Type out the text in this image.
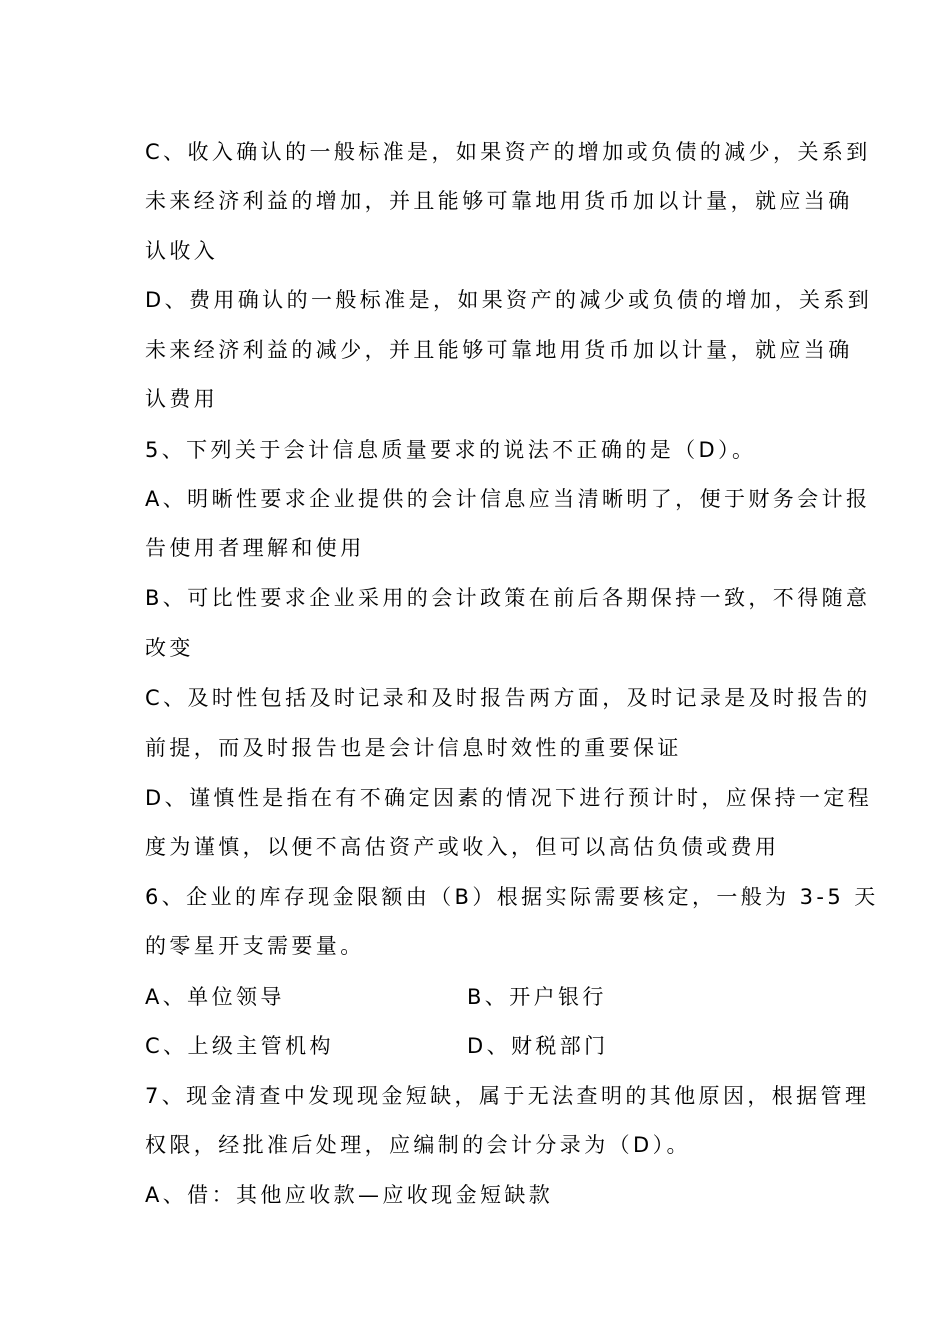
C、收入确认的一般标准是，如果资产的增加或负债的减少，关系到
未来经济利益的增加，并且能够可靠地用货币加以计量，就应当确
认收入
D、费用确认的一般标准是，如果资产的减少或负债的增加，关系到
未来经济利益的减少，并且能够可靠地用货币加以计量，就应当确
认费用
5、下列关于会计信息质量要求的说法不正确的是（D）。
A、明晰性要求企业提供的会计信息应当清晰明了，便于财务会计报
告使用者理解和使用
B、可比性要求企业采用的会计政策在前后各期保持一致，不得随意
改变
C、及时性包括及时记录和及时报告两方面，及时记录是及时报告的
前提，而及时报告也是会计信息时效性的重要保证
D、谨慎性是指在有不确定因素的情况下进行预计时，应保持一定程
度为谨慎，以便不高估资产或收入，但可以高估负债或费用
6、企业的库存现金限额由（B）根据实际需要核定，一般为 3-5 天
的零星开支需要量。
A、单位领导	B、开户银行
C、上级主管机构	D、财税部门
7、现金清查中发现现金短缺，属于无法查明的其他原因，根据管理
权限，经批准后处理，应编制的会计分录为（D）。
A、借：其他应收款—应收现金短缺款
